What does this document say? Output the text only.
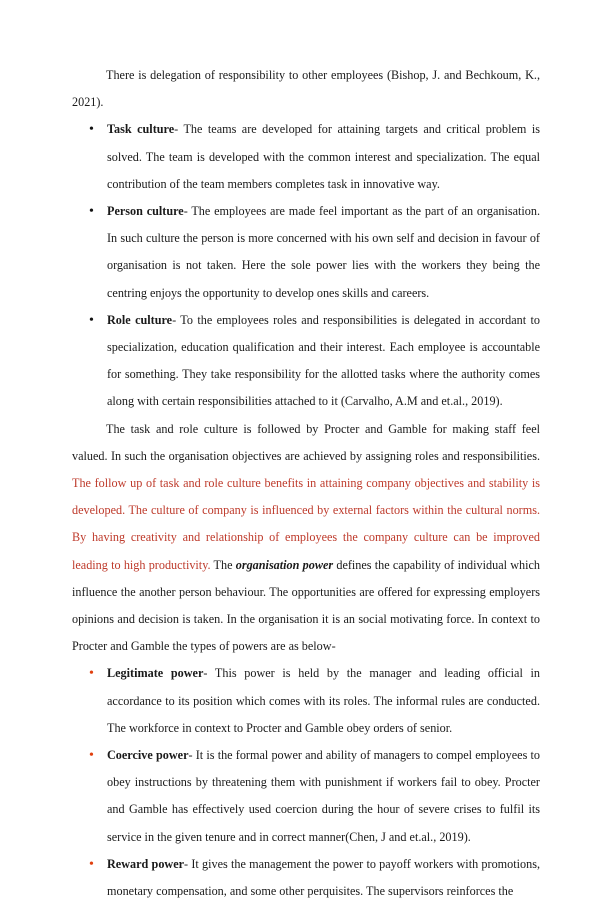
There is delegation of responsibility to other employees (Bishop, J. and Bechkoum, K., 2021).

• Task culture- The teams are developed for attaining targets and critical problem is solved. The team is developed with the common interest and specialization. The equal contribution of the team members completes task in innovative way.
• Person culture- The employees are made feel important as the part of an organisation. In such culture the person is more concerned with his own self and decision in favour of organisation is not taken. Here the sole power lies with the workers they being the centring enjoys the opportunity to develop ones skills and careers.
• Role culture- To the employees roles and responsibilities is delegated in accordant to specialization, education qualification and their interest. Each employee is accountable for something. They take responsibility for the allotted tasks where the authority comes along with certain responsibilities attached to it (Carvalho, A.M and et.al., 2019).

The task and role culture is followed by Procter and Gamble for making staff feel valued. In such the organisation objectives are achieved by assigning roles and responsibilities. The follow up of task and role culture benefits in attaining company objectives and stability is developed. The culture of company is influenced by external factors within the cultural norms. By having creativity and relationship of employees the company culture can be improved leading to high productivity. The organisation power defines the capability of individual which influence the another person behaviour. The opportunities are offered for expressing employers opinions and decision is taken. In the organisation it is an social motivating force. In context to Procter and Gamble the types of powers are as below-

• Legitimate power- This power is held by the manager and leading official in accordance to its position which comes with its roles. The informal rules are conducted. The workforce in context to Procter and Gamble obey orders of senior.
• Coercive power- It is the formal power and ability of managers to compel employees to obey instructions by threatening them with punishment if workers fail to obey. Procter and Gamble has effectively used coercion during the hour of severe crises to fulfil its service in the given tenure and in correct manner(Chen, J and et.al., 2019).
• Reward power- It gives the management the power to payoff workers with promotions, monetary compensation, and some other perquisites. The supervisors reinforces the
